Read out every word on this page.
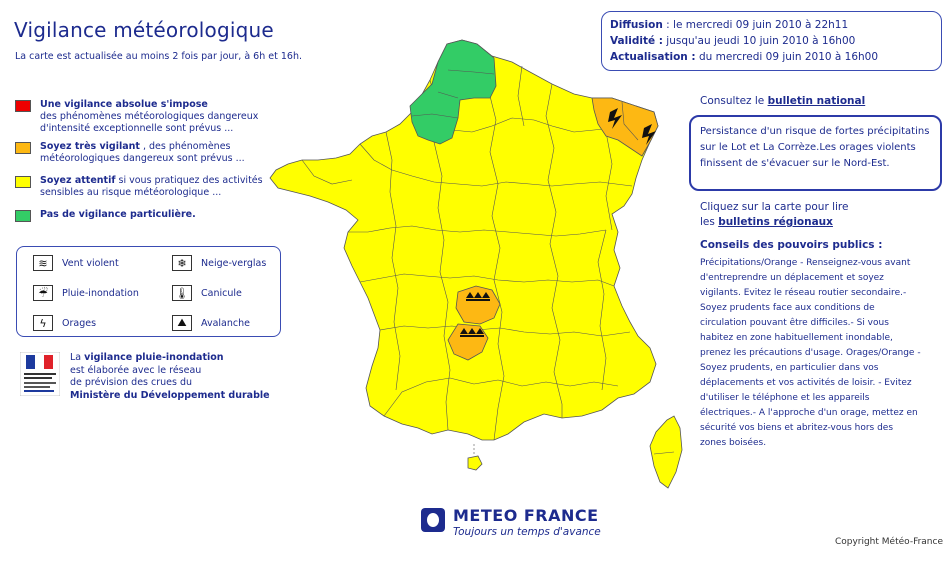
Vigilance météorologique
La carte est actualisée au moins 2 fois par jour, à 6h et 16h.
Une vigilance absolue s'impose
des phénomènes météorologiques dangereux d'intensité exceptionnelle sont prévus ...
Soyez très vigilant , des phénomènes météorologiques dangereux sont prévus ...
Soyez attentif si vous pratiquez des activités sensibles au risque météorologique ...
Pas de vigilance particulière.
≋	Vent violent	❄	Neige-verglas
☔	Pluie-inondation	🌡	Canicule
ϟ	Orages	⛰	Avalanche
La vigilance pluie-inondation
est élaborée avec le réseau
de prévision des crues du
Ministère du Développement durable
Diffusion : le mercredi 09 juin 2010 à 22h11
Validité : jusqu'au jeudi 10 juin 2010 à 16h00
Actualisation : du mercredi 09 juin 2010 à 16h00
Consultez le bulletin national
Persistance d'un risque de fortes précipitatins sur le Lot et La Corrèze.Les orages violents finissent de s'évacuer sur le Nord-Est.
Cliquez sur la carte pour lire
les bulletins régionaux
Conseils des pouvoirs publics :
Précipitations/Orange - Renseignez-vous avant d'entreprendre un déplacement et soyez vigilants. Evitez le réseau routier secondaire.- Soyez prudents face aux conditions de circulation pouvant être difficiles.- Si vous habitez en zone habituellement inondable, prenez les précautions d'usage. Orages/Orange - Soyez prudents, en particulier dans vos déplacements et vos activités de loisir. - Evitez d'utiliser le téléphone et les appareils électriques.- A l'approche d'un orage, mettez en sécurité vos biens et abritez-vous hors des zones boisées.
METEO FRANCE
Toujours un temps d'avance
Copyright Météo-France
